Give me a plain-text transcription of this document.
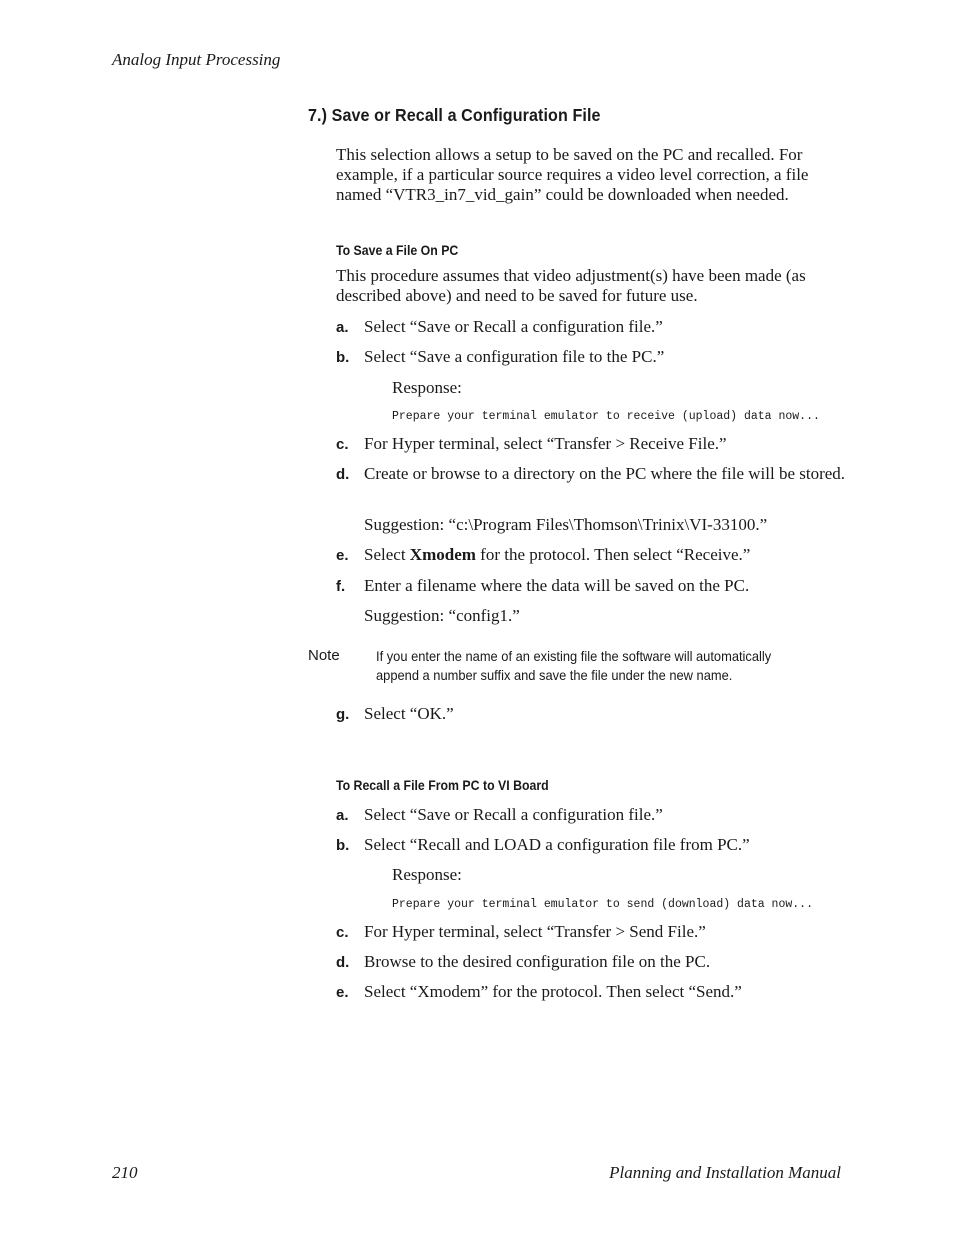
Analog Input Processing
7.) Save or Recall a Configuration File
This selection allows a setup to be saved on the PC and recalled. For example, if a particular source requires a video level correction, a file named “VTR3_in7_vid_gain” could be downloaded when needed.
To Save a File On PC
This procedure assumes that video adjustment(s) have been made (as described above) and need to be saved for future use.
a. Select “Save or Recall a configuration file.”
b. Select “Save a configuration file to the PC.”
Response:
Prepare your terminal emulator to receive (upload) data now...
c. For Hyper terminal, select “Transfer > Receive File.”
d. Create or browse to a directory on the PC where the file will be stored.
Suggestion: “c:\Program Files\Thomson\Trinix\VI-33100.”
e. Select Xmodem for the protocol. Then select “Receive.”
f. Enter a filename where the data will be saved on the PC.
Suggestion: “config1.”
Note	If you enter the name of an existing file the software will automatically append a number suffix and save the file under the new name.
g. Select “OK.”
To Recall a File From PC to VI Board
a. Select “Save or Recall a configuration file.”
b. Select “Recall and LOAD a configuration file from PC.”
Response:
Prepare your terminal emulator to send (download) data now...
c. For Hyper terminal, select “Transfer > Send File.”
d. Browse to the desired configuration file on the PC.
e. Select “Xmodem” for the protocol. Then select “Send.”
210	Planning and Installation Manual
